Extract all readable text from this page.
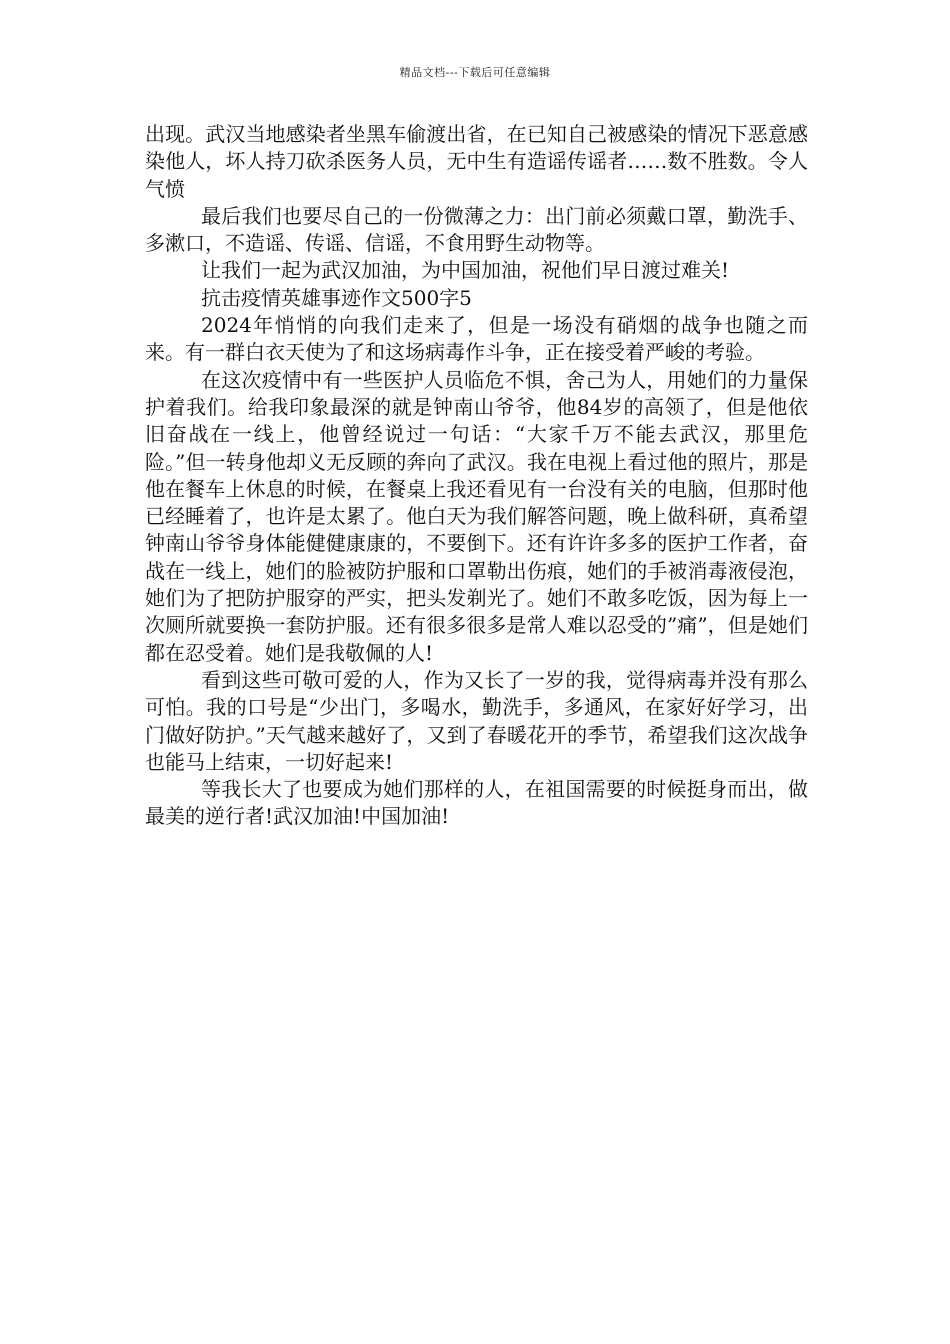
精品文档---下载后可任意编辑

出现。武汉当地感染者坐黑车偷渡出省，在已知自己被感染的情况下恶意感染他人，坏人持刀砍杀医务人员，无中生有造谣传谣者……数不胜数。令人气愤

最后我们也要尽自己的一份微薄之力：出门前必须戴口罩，勤洗手、多漱口，不造谣、传谣、信谣，不食用野生动物等。

让我们一起为武汉加油，为中国加油，祝他们早日渡过难关!

抗击疫情英雄事迹作文500字5

2024年悄悄的向我们走来了，但是一场没有硝烟的战争也随之而来。有一群白衣天使为了和这场病毒作斗争，正在接受着严峻的考验。

在这次疫情中有一些医护人员临危不惧，舍己为人，用她们的力量保护着我们。给我印象最深的就是钟南山爷爷，他84岁的高领了，但是他依旧奋战在一线上，他曾经说过一句话：“大家千万不能去武汉，那里危险。”但一转身他却义无反顾的奔向了武汉。我在电视上看过他的照片，那是他在餐车上休息的时候，在餐桌上我还看见有一台没有关的电脑，但那时他已经睡着了，也许是太累了。他白天为我们解答问题，晚上做科研，真希望钟南山爷爷身体能健健康康的，不要倒下。还有许许多多的医护工作者，奋战在一线上，她们的脸被防护服和口罩勒出伤痕，她们的手被消毒液侵泡，她们为了把防护服穿的严实，把头发剃光了。她们不敢多吃饭，因为每上一次厕所就要换一套防护服。还有很多很多是常人难以忍受的”痛”，但是她们都在忍受着。她们是我敬佩的人!

看到这些可敬可爱的人，作为又长了一岁的我，觉得病毒并没有那么可怕。我的口号是“少出门，多喝水，勤洗手，多通风，在家好好学习，出门做好防护。”天气越来越好了，又到了春暖花开的季节，希望我们这次战争也能马上结束，一切好起来!

等我长大了也要成为她们那样的人，在祖国需要的时候挺身而出，做最美的逆行者!武汉加油!中国加油!
